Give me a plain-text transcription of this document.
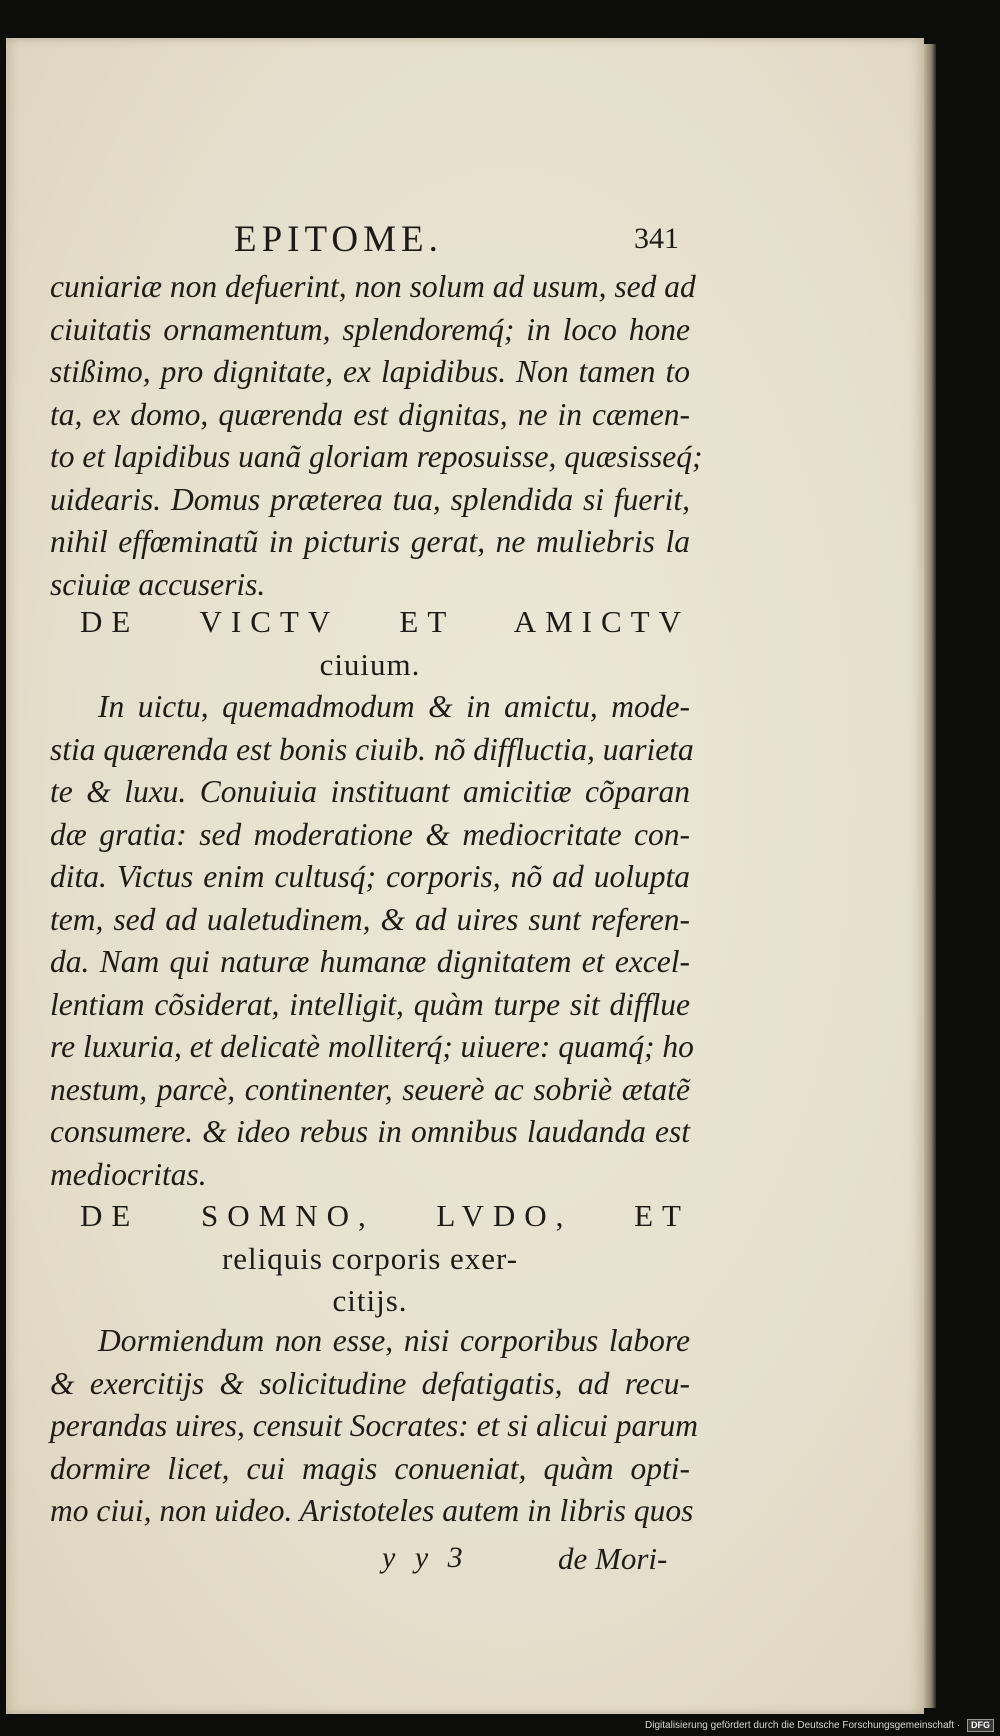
EPITOME.	341
cuniariæ non defuerint, non solum ad usum, sed ad
ciuitatis ornamentum, splendoremq́; in loco hone
stißimo, pro dignitate, ex lapidibus. Non tamen to
ta, ex domo, quærenda est dignitas, ne in cæmen-
to et lapidibus uanã gloriam reposuisse, quæsisseq́;
uidearis. Domus præterea tua, splendida si fuerit,
nihil effœminatũ in picturis gerat, ne muliebris la
sciuiæ accuseris.
DE VICTV ET AMICTV
ciuium.
In uictu, quemadmodum & in amictu, mode-
stia quærenda est bonis ciuib. nõ diffluctia, uarieta
te & luxu. Conuiuia instituant amicitiæ cõparan
dæ gratia: sed moderatione & mediocritate con-
dita. Victus enim cultusq́; corporis, nõ ad uolupta
tem, sed ad ualetudinem, & ad uires sunt referen-
da. Nam qui naturæ humanæ dignitatem et excel-
lentiam cõsiderat, intelligit, quàm turpe sit difflue
re luxuria, et delicatè molliterq́; uiuere: quamq́; ho
nestum, parcè, continenter, seuerè ac sobriè ætatẽ
consumere. & ideo rebus in omnibus laudanda est
mediocritas.
DE SOMNO, LVDO, ET
reliquis corporis exer-
citijs.
Dormiendum non esse, nisi corporibus labore
& exercitijs & solicitudine defatigatis, ad recu-
perandas uires, censuit Socrates: et si alicui parum
dormire licet, cui magis conueniat, quàm opti-
mo ciui, non uideo. Aristoteles autem in libris quos
y y 3	de Mori-
Digitalisierung gefördert durch die Deutsche Forschungsgemeinschaft · DFG
